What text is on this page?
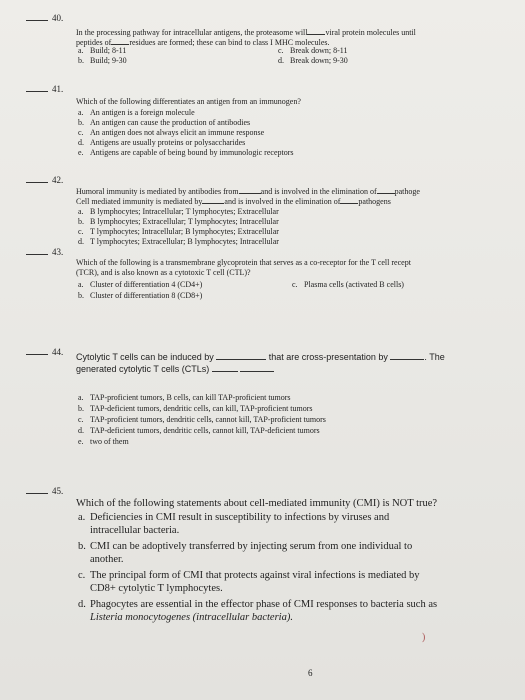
40.
In the processing pathway for intracellular antigens, the proteasome will viral protein molecules until
peptides of residues are formed; these can bind to class I MHC molecules.
a. Build; 8-11
b. Build; 9-30
c. Break down; 8-11
d. Break down; 9-30
41.
Which of the following differentiates an antigen from an immunogen?
a. An antigen is a foreign molecule
b. An antigen can cause the production of antibodies
c. An antigen does not always elicit an immune response
d. Antigens are usually proteins or polysaccharides
e. Antigens are capable of being bound by immunologic receptors
42.
Humoral immunity is mediated by antibodies from	and is involved in the elimination of pathoge
Cell mediated immunity is mediated by	and is involved in the elimination of pathogens
a. B lymphocytes; Intracellular; T lymphocytes; Extracellular
b. B lymphocytes; Extracellular; T lymphocytes; Intracellular
c. T lymphocytes; Intracellular; B lymphocytes; Extracellular
d. T lymphocytes; Extracellular; B lymphocytes; Intracellular
43.
Which of the following is a transmembrane glycoprotein that serves as a co-receptor for the T cell recept
(TCR), and is also known as a cytotoxic T cell (CTL)?
a. Cluster of differentiation 4 (CD4+)
b. Cluster of differentiation 8 (CD8+)
c. Plasma cells (activated B cells)
44. Cytolytic T cells can be induced by	that are cross-presentation by	. The
generated cytolytic T cells (CTLs)
a. TAP-proficient tumors, B cells, can kill TAP-proficient tumors
b. TAP-deficient tumors, dendritic cells, can kill, TAP-proficient tumors
c. TAP-proficient tumors, dendritic cells, cannot kill, TAP-proficient tumors
d. TAP-deficient tumors, dendritic cells, cannot kill, TAP-deficient tumors
e. two of them
45.
Which of the following statements about cell-mediated immunity (CMI) is NOT true?
a. Deficiencies in CMI result in susceptibility to infections by viruses and
intracellular bacteria.
b. CMI can be adoptively transferred by injecting serum from one individual to
another.
c. The principal form of CMI that protects against viral infections is mediated by
CD8+ cytolytic T lymphocytes.
d. Phagocytes are essential in the effector phase of CMI responses to bacteria such as
Listeria monocytogenes (intracellular bacteria).
)
6
